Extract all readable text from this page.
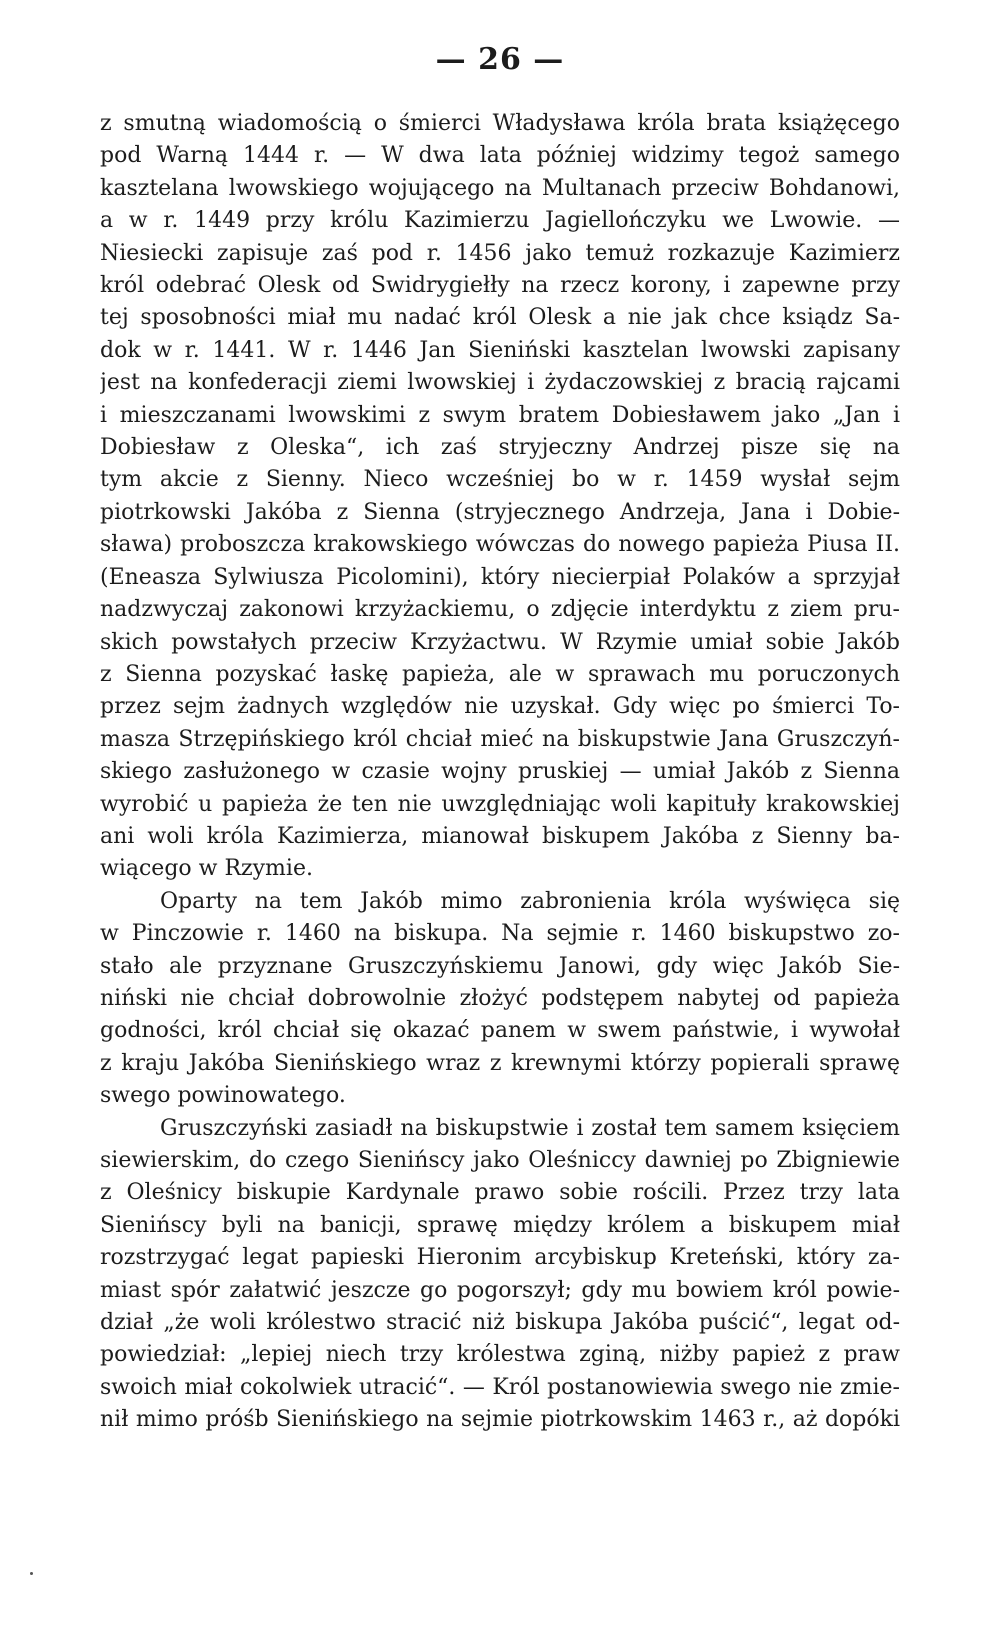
— 26 —
z smutną wiadomością o śmierci Władysława króla brata książęcego
pod Warną 1444 r. — W dwa lata później widzimy tegoż samego
kasztelana lwowskiego wojującego na Multanach przeciw Bohdanowi,
a w r. 1449 przy królu Kazimierzu Jagiellończyku we Lwowie. —
Niesiecki zapisuje zaś pod r. 1456 jako temuż rozkazuje Kazimierz
król odebrać Olesk od Swidrygiełły na rzecz korony, i zapewne przy
tej sposobności miał mu nadać król Olesk a nie jak chce ksiądz Sa-
dok w r. 1441. W r. 1446 Jan Sieniński kasztelan lwowski zapisany
jest na konfederacji ziemi lwowskiej i żydaczowskiej z bracią rajcami
i mieszczanami lwowskimi z swym bratem Dobiesławem jako „Jan i
Dobiesław z Oleska“, ich zaś stryjeczny Andrzej pisze się na
tym akcie z Sienny. Nieco wcześniej bo w r. 1459 wysłał sejm
piotrkowski Jakóba z Sienna (stryjecznego Andrzeja, Jana i Dobie-
sława) proboszcza krakowskiego wówczas do nowego papieża Piusa II.
(Eneasza Sylwiusza Picolomini), który niecierpiał Polaków a sprzyjał
nadzwyczaj zakonowi krzyżackiemu, o zdjęcie interdyktu z ziem pru-
skich powstałych przeciw Krzyżactwu. W Rzymie umiał sobie Jakób
z Sienna pozyskać łaskę papieża, ale w sprawach mu poruczonych
przez sejm żadnych względów nie uzyskał. Gdy więc po śmierci To-
masza Strzępińskiego król chciał mieć na biskupstwie Jana Gruszczyń-
skiego zasłużonego w czasie wojny pruskiej — umiał Jakób z Sienna
wyrobić u papieża że ten nie uwzględniając woli kapituły krakowskiej
ani woli króla Kazimierza, mianował biskupem Jakóba z Sienny ba-
wiącego w Rzymie.
Oparty na tem Jakób mimo zabronienia króla wyświęca się
w Pinczowie r. 1460 na biskupa. Na sejmie r. 1460 biskupstwo zo-
stało ale przyznane Gruszczyńskiemu Janowi, gdy więc Jakób Sie-
niński nie chciał dobrowolnie złożyć podstępem nabytej od papieża
godności, król chciał się okazać panem w swem państwie, i wywołał
z kraju Jakóba Sienińskiego wraz z krewnymi którzy popierali sprawę
swego powinowatego.
Gruszczyński zasiadł na biskupstwie i został tem samem księciem
siewierskim, do czego Sienińscy jako Oleśniccy dawniej po Zbigniewie
z Oleśnicy biskupie Kardynale prawo sobie rościli. Przez trzy lata
Sienińscy byli na banicji, sprawę między królem a biskupem miał
rozstrzygać legat papieski Hieronim arcybiskup Kreteński, który za-
miast spór załatwić jeszcze go pogorszył; gdy mu bowiem król powie-
dział „że woli królestwo stracić niż biskupa Jakóba puścić“, legat od-
powiedział: „lepiej niech trzy królestwa zginą, niżby papież z praw
swoich miał cokolwiek utracić“. — Król postanowiewia swego nie zmie-
nił mimo próśb Sienińskiego na sejmie piotrkowskim 1463 r., aż dopóki
